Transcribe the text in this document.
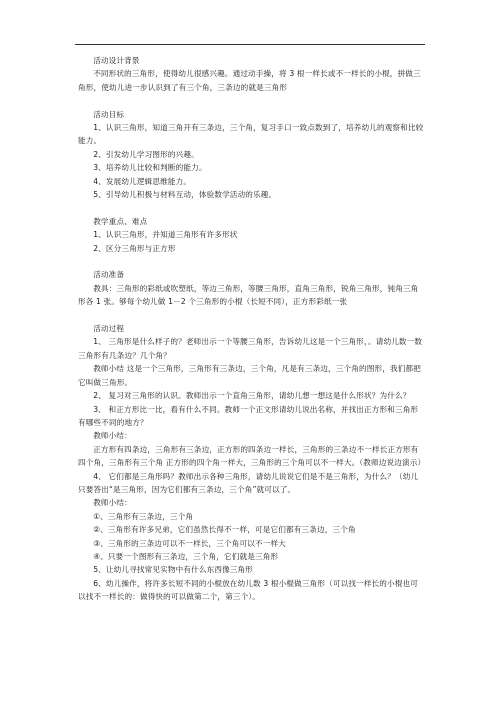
活动设计背景

不同形状的三角形，使得幼儿很感兴趣。通过动手操，将 3 根一样长或不一样长的小棍，拼做三角形，使幼儿进一步认识到了有三个角，三条边的就是三角形

活动目标

1、认识三角形，知道三角开有三条边，三个角，复习手口一致点数到了，培养幼儿的观察和比较能力。

2、引发幼儿学习图形的兴趣。

3、培养幼儿比较和判断的能力。

4、发展幼儿逻辑思维能力。

5、引导幼儿积极与材料互动，体验数学活动的乐趣。

教学重点、难点

1、认识三角形，并知道三角形有许多形状

2、区分三角形与正方形

活动准备

教具：三角形的彩纸或吹塑纸，等边三角形，等腰三角形，直角三角形，锐角三角形，钝角三角形各 1 张。够每个幼儿做 1－2 个三角形的小棍（长短不同），正方形彩纸一张

活动过程

1、 三角形是什么样子的？老师出示一个等腰三角形，告诉幼儿这是一个三角形，。请幼儿数一数三角形有几条边？几个角？

教师小结 这是一个三角形，三角形有三条边，三个角，凡是有三条边，三个角的图形，我们都把它叫做三角形。

2、 复习对三角形的认识。教师出示一个直角三角形，请幼儿想一想这是什么形状？为什么？

3、 和正方形比一比，看有什么不同。教师一个正文形请幼儿说出名称，并找出正方形和三角形有哪些不同的地方？

教师小结：

正方形有四条边，三角形有三条边，正方形的四条边一样长，三角形的三条边不一样长正方形有四个角，三角形有三个角 正方形的四个角一样大，三角形的三个角可以不一样大。（教师边说边演示）

4、 它们都是三角形吗？教师出示各种三角形，请幼儿说说它们是不是三角形，为什么？（幼儿只要答出“是三角形，因为它们都有三条边，三个角”就可以了。

教师小结：

①、三角形有三条边，三个角

②、三角形有许多兄弟，它们虽然长得不一样，可是它们都有三条边，三个角

③、三角形的三条边可以不一样长，三个角可以不一样大

④、只要一个图形有三条边，三个角，它们就是三角形

5、让幼儿寻找常见实物中有什么东西像三角形

6、幼儿操作，将许多长短不同的小棍放在幼儿数 3 根小棍做三角形（可以找一样长的小棍也可以找不一样长的：做得快的可以做第二个，第三个）。
